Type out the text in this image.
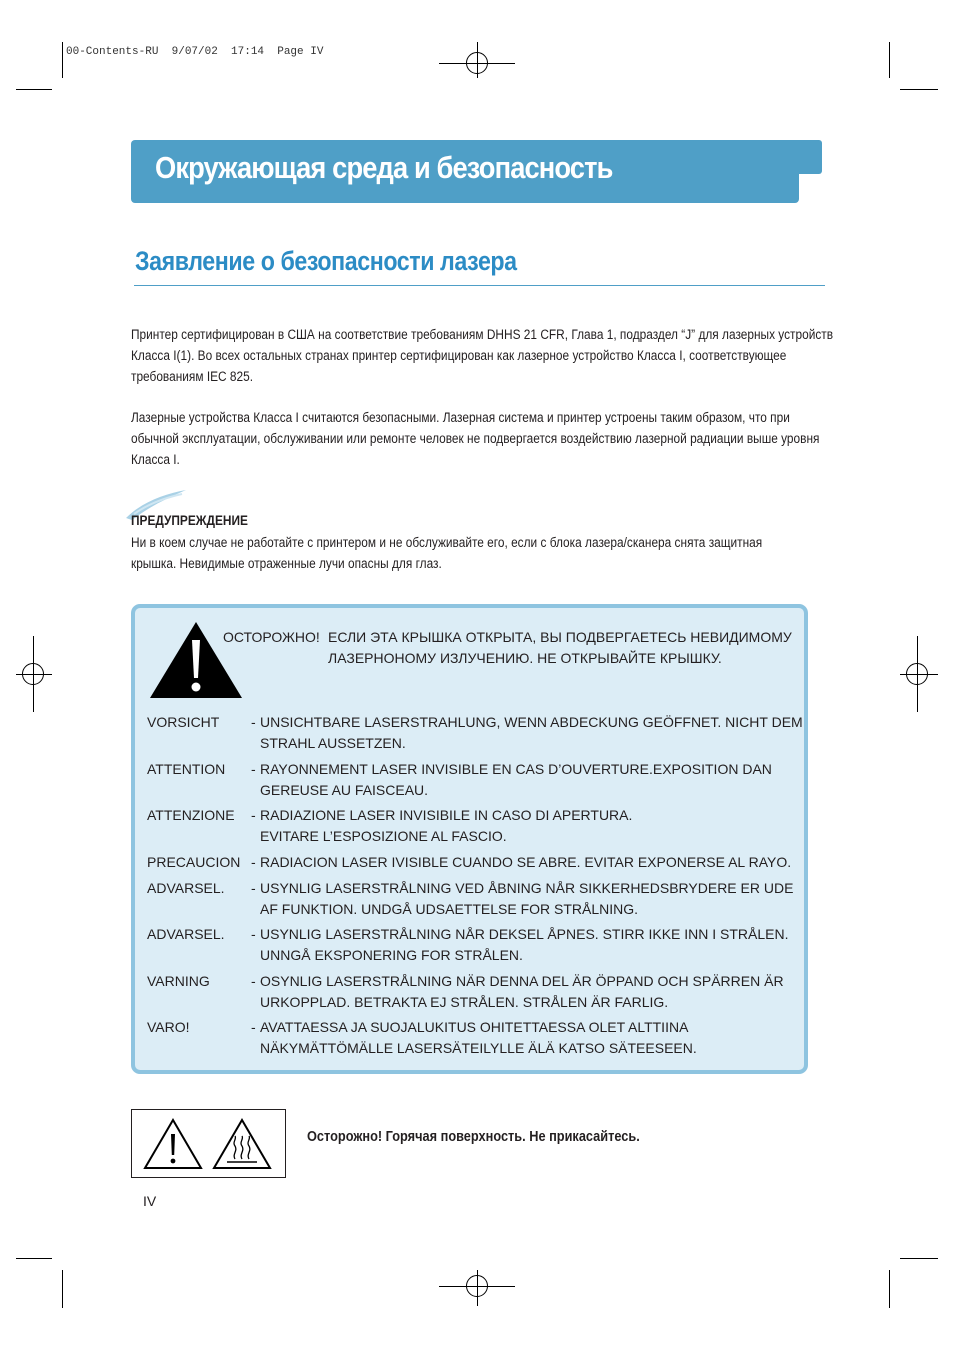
00-Contents-RU  9/07/02  17:14  Page IV
Окружающая среда и безопасность
Заявление о безопасности лазера
Принтер сертифицирован в США на соответствие требованиям DHHS 21 CFR, Глава 1, подраздел “J” для лазерных устройств
Класса I(1). Во всех остальных странах принтер сертифицирован как лазерное устройство Класса I, соответствующее
требованиям IEC 825.
Лазерные устройства Класса I считаются безопасными. Лазерная система и принтер устроены таким образом, что при
обычной эксплуатации, обслуживании или ремонте человек не подвергается воздействию лазерной радиации выше уровня
Класса I.
ПРЕДУПРЕЖДЕНИЕ
Ни в коем случае не работайте с принтером и не обслуживайте его, если с блока лазера/сканера снята защитная
крышка. Невидимые отраженные лучи опасны для глаз.
ОСТОРОЖНО! ЕСЛИ ЭТА КРЫШКА ОТКРЫТА, ВЫ ПОДВЕРГАЕТЕСЬ НЕВИДИМОМУ
ЛАЗЕРНОНОМУ ИЗЛУЧЕНИЮ. НЕ ОТКРЫВАЙТЕ КРЫШКУ.
VORSICHT - UNSICHTBARE LASERSTRAHLUNG, WENN ABDECKUNG GEÖFFNET. NICHT DEM
STRAHL AUSSETZEN.
ATTENTION - RAYONNEMENT LASER INVISIBLE EN CAS D’OUVERTURE.EXPOSITION DAN
GEREUSE AU FAISCEAU.
ATTENZIONE - RADIAZIONE LASER INVISIBILE IN CASO DI APERTURA.
EVITARE L’ESPOSIZIONE AL FASCIO.
PRECAUCION - RADIACION LASER IVISIBLE CUANDO SE ABRE. EVITAR EXPONERSE AL RAYO.
ADVARSEL. - USYNLIG LASERSTRÅLNING VED ÅBNING NÅR SIKKERHEDSBRYDERE ER UDE
AF FUNKTION. UNDGÅ UDSAETTELSE FOR STRÅLNING.
ADVARSEL. - USYNLIG LASERSTRÅLNING NÅR DEKSEL ÅPNES. STIRR IKKE INN I STRÅLEN.
UNNGÅ EKSPONERING FOR STRÅLEN.
VARNING	- OSYNLIG LASERSTRÅLNING NÄR DENNA DEL ÄR ÖPPAND OCH SPÄRREN ÄR
URKOPPLAD. BETRAKTA EJ STRÅLEN. STRÅLEN ÄR FARLIG.
VARO!	- AVATTAESSA JA SUOJALUKITUS OHITETTAESSA OLET ALTTIINA
NÄKYMÄTTÖMÄLLE LASERSÄTEILYLLE ÄLÄ KATSO SÄTEESEEN.
Осторожно! Горячая поверхность. Не прикасайтесь.
IV
